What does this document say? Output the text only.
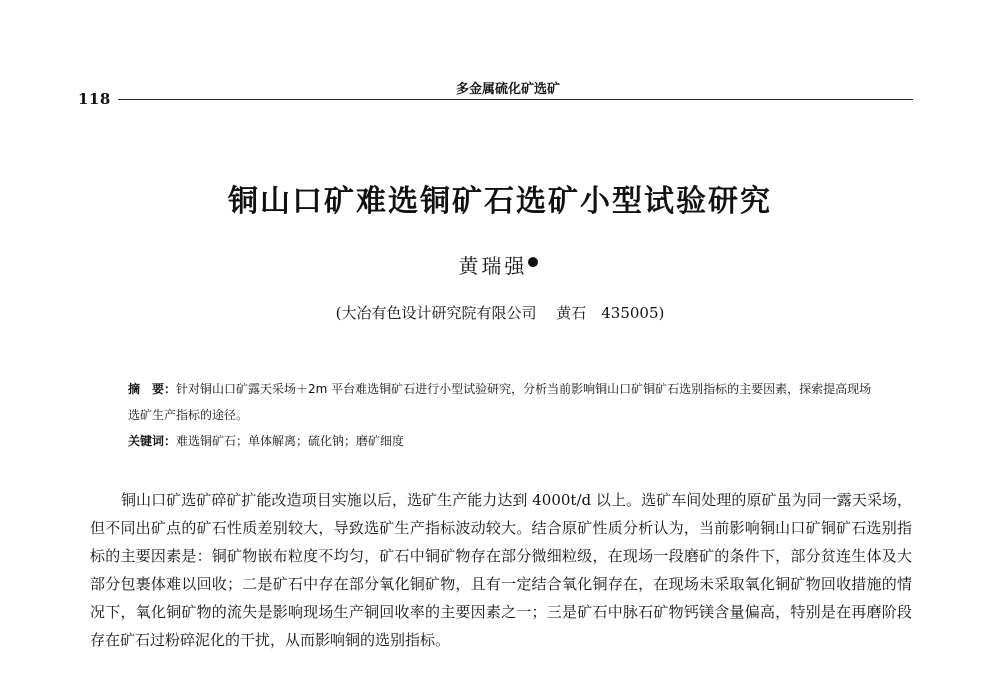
118
多金属硫化矿选矿
铜山口矿难选铜矿石选矿小型试验研究
黄瑞强●
(大冶有色设计研究院有限公司　 黄石　435005)
摘　要：针对铜山口矿露天采场＋2m 平台难选铜矿石进行小型试验研究，分析当前影响铜山口矿铜矿石选别指标的主要因素，探索提高现场选矿生产指标的途径。
关键词：难选铜矿石；单体解离；硫化钠；磨矿细度

铜山口矿选矿碎矿扩能改造项目实施以后，选矿生产能力达到 4000t/d 以上。选矿车间处理的原矿虽为同一露天采场，但不同出矿点的矿石性质差别较大，导致选矿生产指标波动较大。结合原矿性质分析认为，当前影响铜山口矿铜矿石选别指标的主要因素是：铜矿物嵌布粒度不均匀，矿石中铜矿物存在部分微细粒级，在现场一段磨矿的条件下，部分贫连生体及大部分包裹体难以回收；二是矿石中存在部分氧化铜矿物，且有一定结合氧化铜存在，在现场未采取氧化铜矿物回收措施的情况下，氧化铜矿物的流失是影响现场生产铜回收率的主要因素之一；三是矿石中脉石矿物钙镁含量偏高，特别是在再磨阶段存在矿石过粉碎泥化的干扰，从而影响铜的选别指标。
